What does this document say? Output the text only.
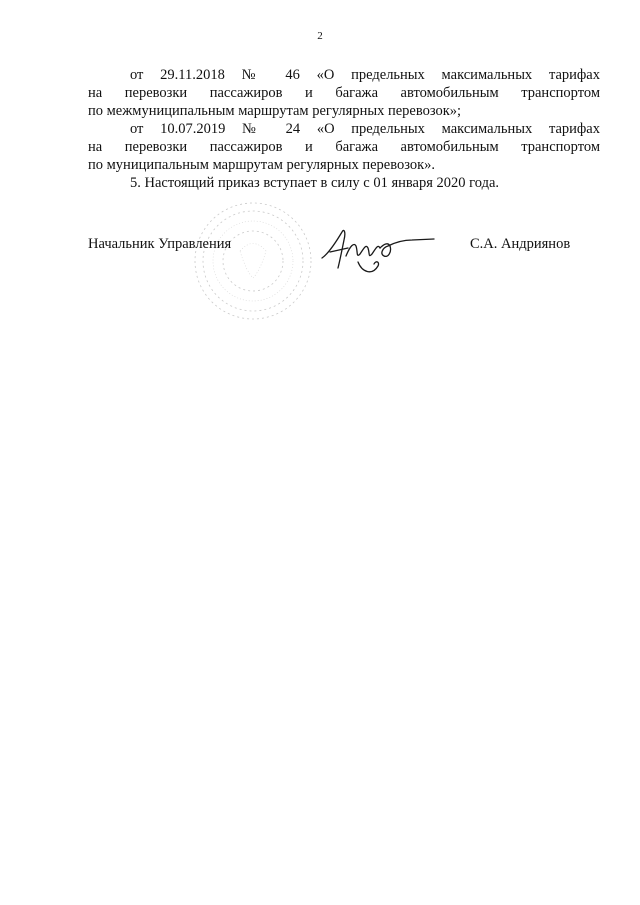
2
от 29.11.2018 № 46 «О предельных максимальных тарифах
на перевозки пассажиров и багажа автомобильным транспортом
по межмуниципальным маршрутам регулярных перевозок»;
от 10.07.2019 № 24 «О предельных максимальных тарифах
на перевозки пассажиров и багажа автомобильным транспортом
по муниципальным маршрутам регулярных перевозок».
5. Настоящий приказ вступает в силу с 01 января 2020 года.
Начальник Управления	С.А. Андриянов
